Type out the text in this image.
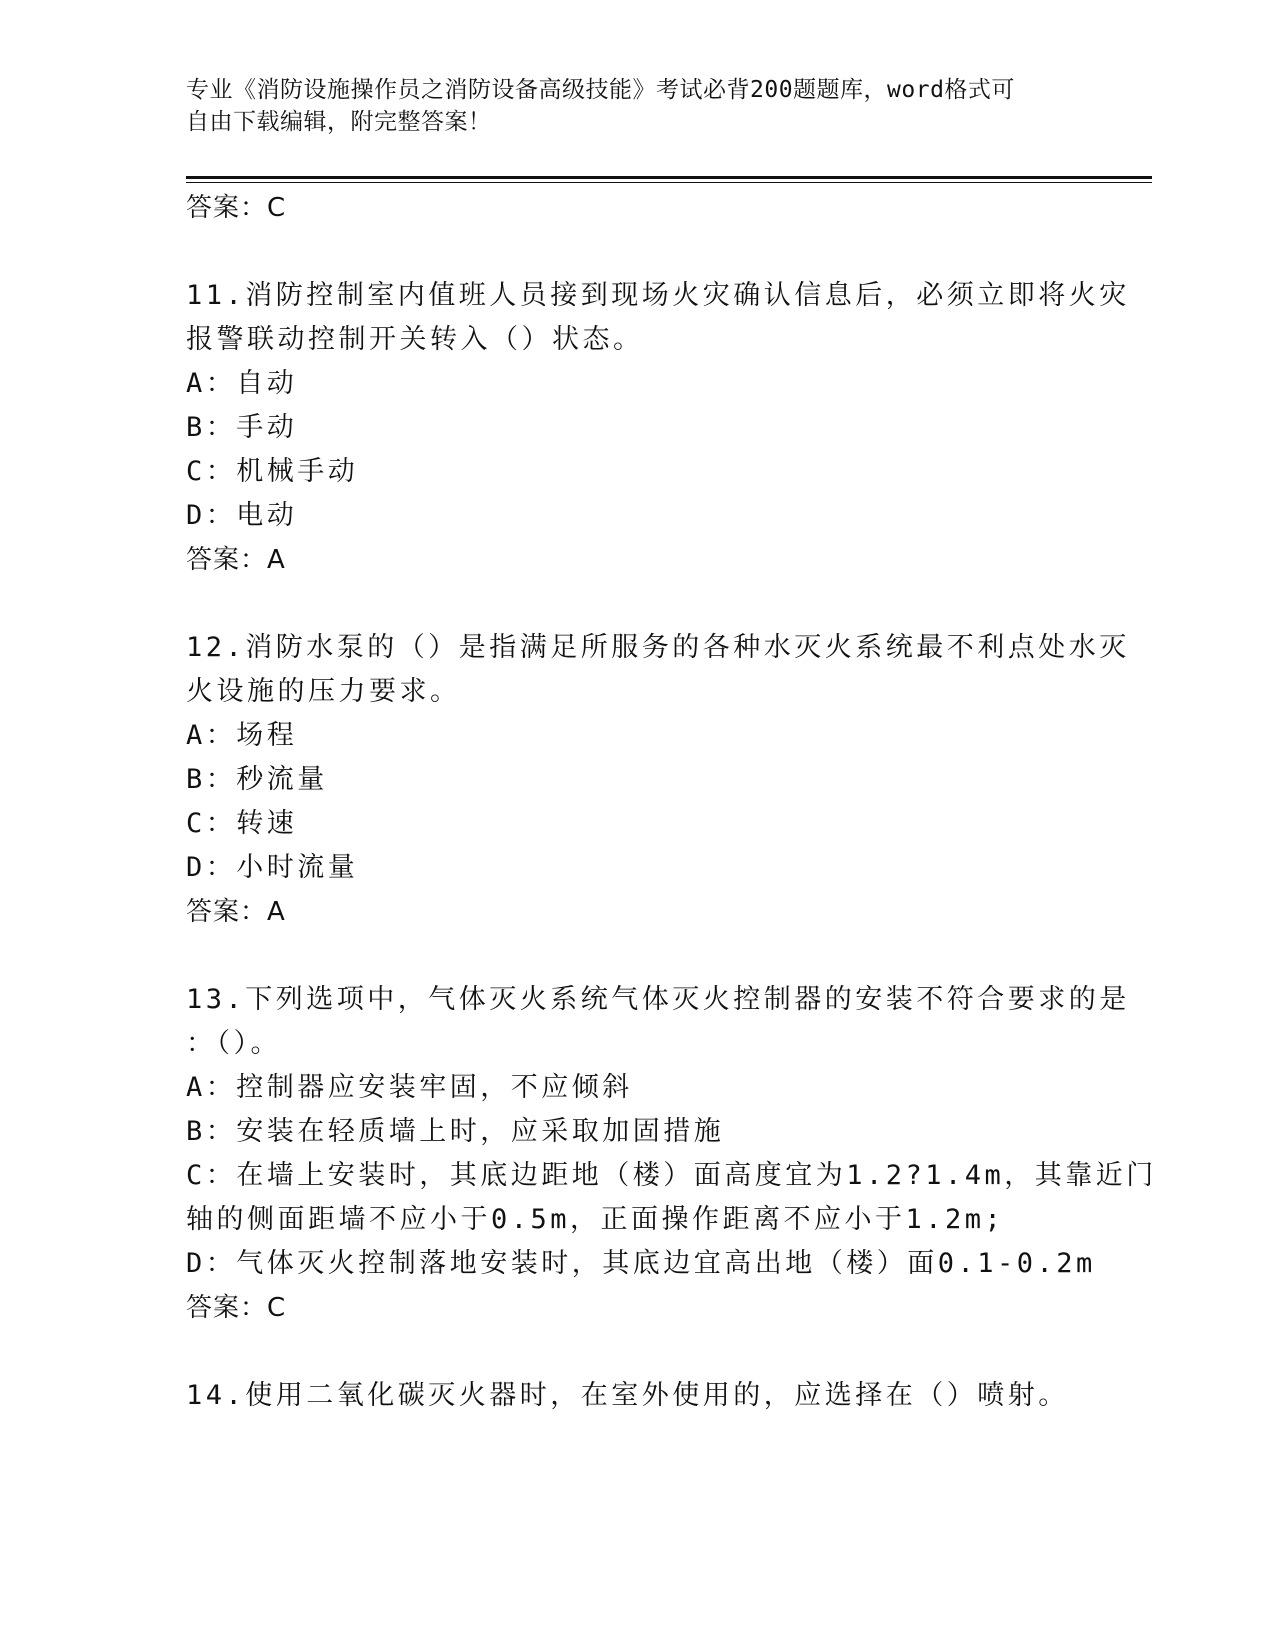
专业《消防设施操作员之消防设备高级技能》考试必背200题题库，word格式可
自由下载编辑，附完整答案！
答案：C
11.消防控制室内值班人员接到现场火灾确认信息后，必须立即将火灾
报警联动控制开关转入（）状态。
A：自动
B：手动
C：机械手动
D：电动
答案：A
12.消防水泵的（）是指满足所服务的各种水灭火系统最不利点处水灭
火设施的压力要求。
A：场程
B：秒流量
C：转速
D：小时流量
答案：A
13.下列选项中，气体灭火系统气体灭火控制器的安装不符合要求的是
：（）。
A：控制器应安装牢固，不应倾斜
B：安装在轻质墙上时，应采取加固措施
C：在墙上安装时，其底边距地（楼）面高度宜为1.2?1.4m，其靠近门
轴的侧面距墙不应小于0.5m，正面操作距离不应小于1.2m;
D：气体灭火控制落地安装时，其底边宜高出地（楼）面0.1-0.2m
答案：C
14.使用二氧化碳灭火器时，在室外使用的，应选择在（）喷射。
